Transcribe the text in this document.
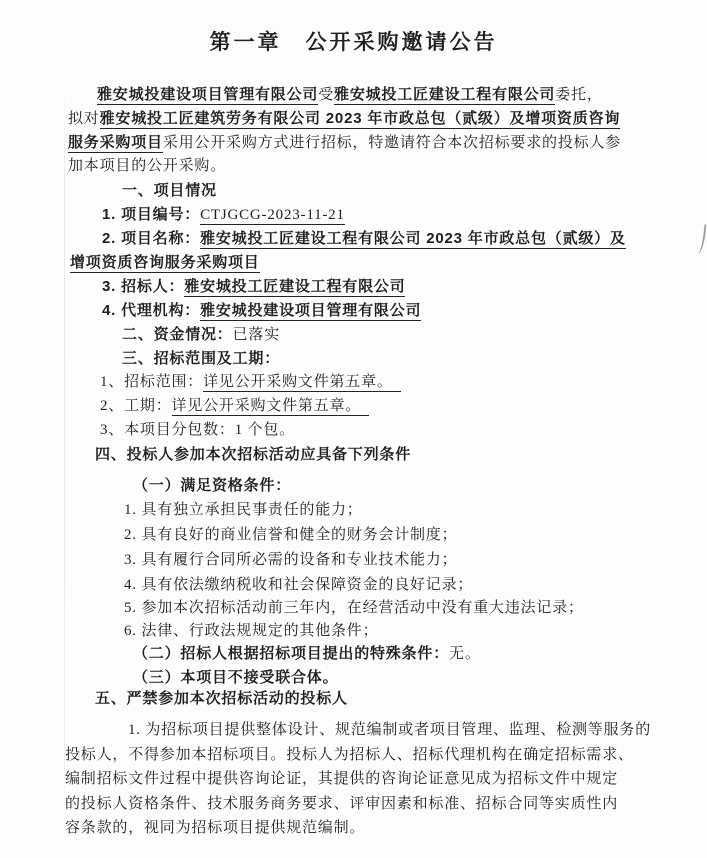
第一章　公开采购邀请公告
雅安城投建设项目管理有限公司受雅安城投工匠建设工程有限公司委托，
拟对雅安城投工匠建筑劳务有限公司 2023 年市政总包（贰级）及增项资质咨询
服务采购项目采用公开采购方式进行招标，特邀请符合本次招标要求的投标人参
加本项目的公开采购。
一、项目情况
1. 项目编号：CTJGCG-2023-11-21
2. 项目名称：雅安城投工匠建设工程有限公司 2023 年市政总包（贰级）及
增项资质咨询服务采购项目
3. 招标人：雅安城投工匠建设工程有限公司
4. 代理机构：雅安城投建设项目管理有限公司
二、资金情况：已落实
三、招标范围及工期：
1、招标范围：详见公开采购文件第五章。　
2、工期：详见公开采购文件第五章。　
3、本项目分包数：1 个包。
四、投标人参加本次招标活动应具备下列条件
（一）满足资格条件：
1. 具有独立承担民事责任的能力；
2. 具有良好的商业信誉和健全的财务会计制度；
3. 具有履行合同所必需的设备和专业技术能力；
4. 具有依法缴纳税收和社会保障资金的良好记录；
5. 参加本次招标活动前三年内，在经营活动中没有重大违法记录；
6. 法律、行政法规规定的其他条件；
（二）招标人根据招标项目提出的特殊条件：无。
（三）本项目不接受联合体。
五、严禁参加本次招标活动的投标人
1. 为招标项目提供整体设计、规范编制或者项目管理、监理、检测等服务的
投标人，不得参加本招标项目。投标人为招标人、招标代理机构在确定招标需求、
编制招标文件过程中提供咨询论证，其提供的咨询论证意见成为招标文件中规定
的投标人资格条件、技术服务商务要求、评审因素和标准、招标合同等实质性内
容条款的，视同为招标项目提供规范编制。
